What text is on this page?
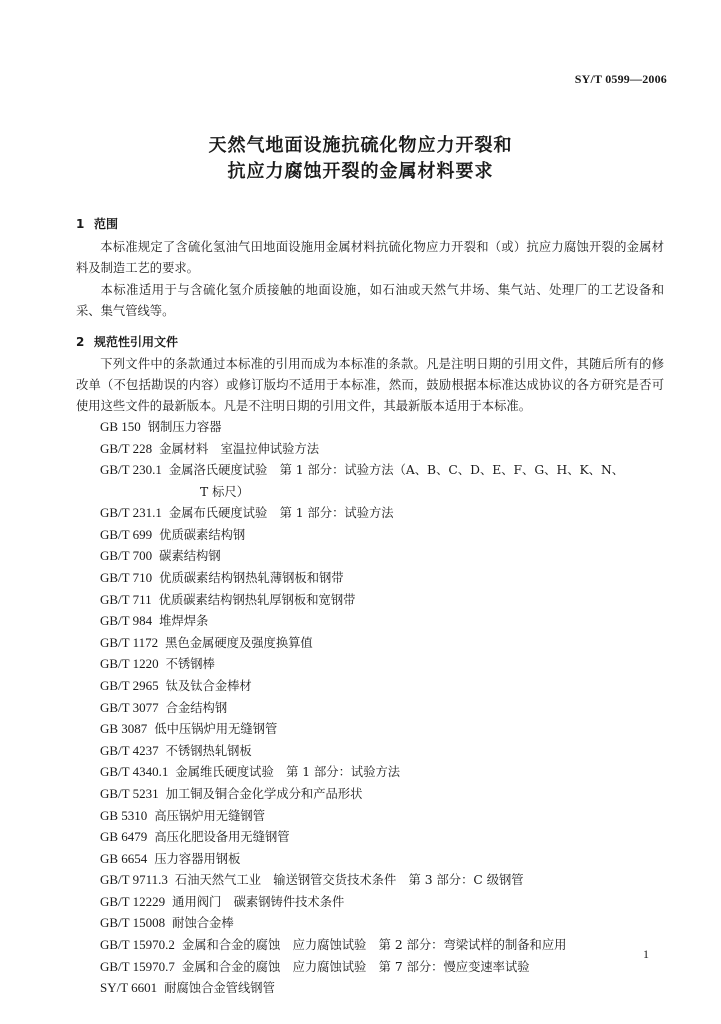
SY/T 0599—2006
天然气地面设施抗硫化物应力开裂和
抗应力腐蚀开裂的金属材料要求
1 范围
本标准规定了含硫化氢油气田地面设施用金属材料抗硫化物应力开裂和（或）抗应力腐蚀开裂的金属材料及制造工艺的要求。
本标准适用于与含硫化氢介质接触的地面设施，如石油或天然气井场、集气站、处理厂的工艺设备和采、集气管线等。
2 规范性引用文件
下列文件中的条款通过本标准的引用而成为本标准的条款。凡是注明日期的引用文件，其随后所有的修改单（不包括勘误的内容）或修订版均不适用于本标准，然而，鼓励根据本标准达成协议的各方研究是否可使用这些文件的最新版本。凡是不注明日期的引用文件，其最新版本适用于本标准。
GB 150 钢制压力容器
GB/T 228 金属材料　室温拉伸试验方法
GB/T 230.1 金属洛氏硬度试验　第 1 部分：试验方法（A、B、C、D、E、F、G、H、K、N、
T 标尺）
GB/T 231.1 金属布氏硬度试验　第 1 部分：试验方法
GB/T 699 优质碳素结构钢
GB/T 700 碳素结构钢
GB/T 710 优质碳素结构钢热轧薄钢板和钢带
GB/T 711 优质碳素结构钢热轧厚钢板和宽钢带
GB/T 984 堆焊焊条
GB/T 1172 黑色金属硬度及强度换算值
GB/T 1220 不锈钢棒
GB/T 2965 钛及钛合金棒材
GB/T 3077 合金结构钢
GB 3087 低中压锅炉用无缝钢管
GB/T 4237 不锈钢热轧钢板
GB/T 4340.1 金属维氏硬度试验　第 1 部分：试验方法
GB/T 5231 加工铜及铜合金化学成分和产品形状
GB 5310 高压锅炉用无缝钢管
GB 6479 高压化肥设备用无缝钢管
GB 6654 压力容器用钢板
GB/T 9711.3 石油天然气工业　输送钢管交货技术条件　第 3 部分：C 级钢管
GB/T 12229 通用阀门　碳素钢铸件技术条件
GB/T 15008 耐蚀合金棒
GB/T 15970.2 金属和合金的腐蚀　应力腐蚀试验　第 2 部分：弯梁试样的制备和应用
GB/T 15970.7 金属和合金的腐蚀　应力腐蚀试验　第 7 部分：慢应变速率试验
SY/T 6601 耐腐蚀合金管线钢管
1
